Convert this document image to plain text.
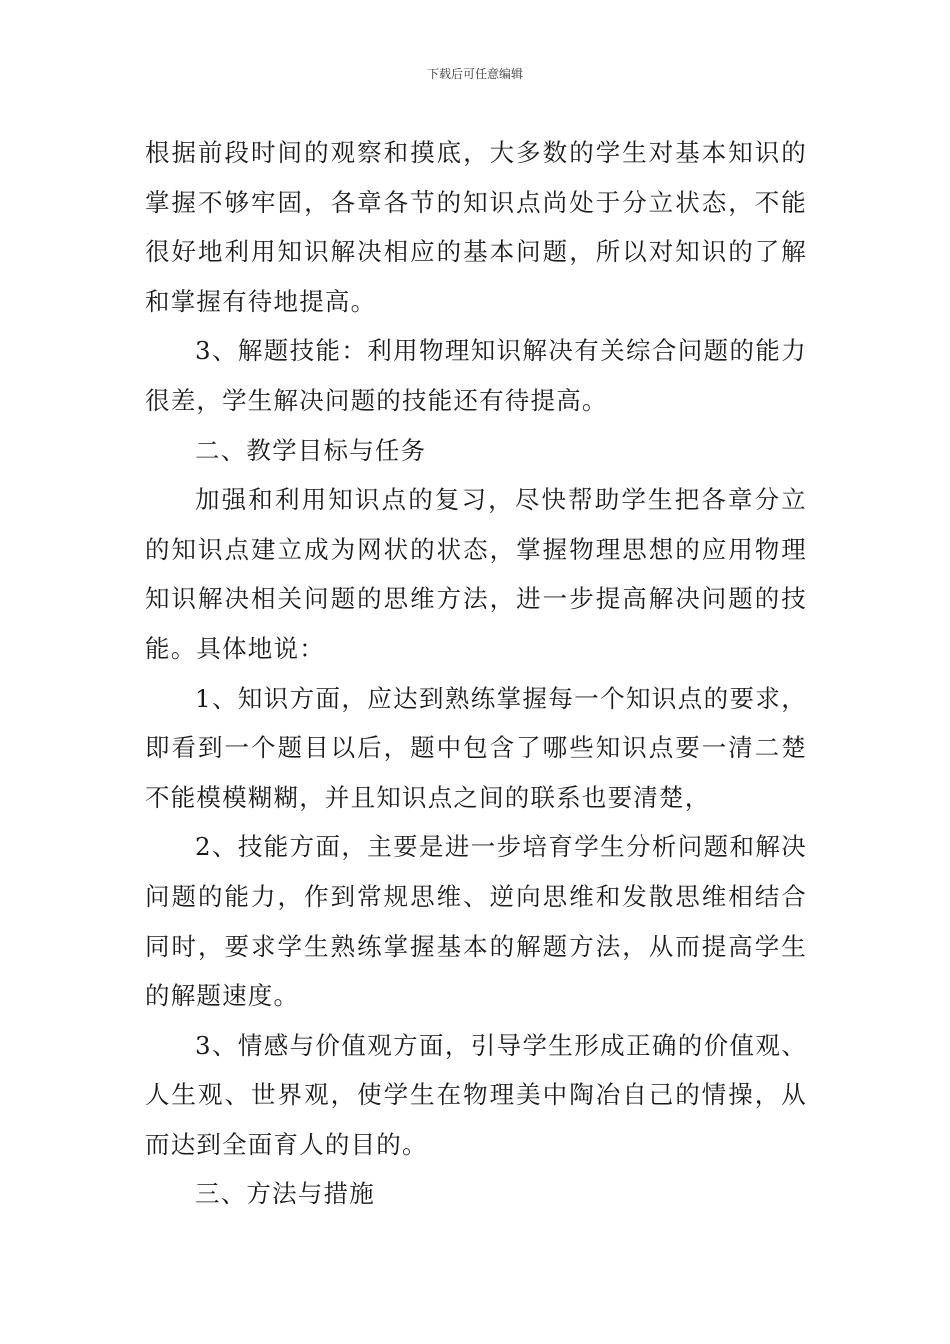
下载后可任意编辑

根据前段时间的观察和摸底，大多数的学生对基本知识的掌握不够牢固，各章各节的知识点尚处于分立状态，不能很好地利用知识解决相应的基本问题，所以对知识的了解和掌握有待地提高。

3、解题技能：利用物理知识解决有关综合问题的能力很差，学生解决问题的技能还有待提高。

二、教学目标与任务

加强和利用知识点的复习，尽快帮助学生把各章分立的知识点建立成为网状的状态，掌握物理思想的应用物理知识解决相关问题的思维方法，进一步提高解决问题的技能。具体地说：

1、知识方面，应达到熟练掌握每一个知识点的要求，即看到一个题目以后，题中包含了哪些知识点要一清二楚不能模模糊糊，并且知识点之间的联系也要清楚，

2、技能方面，主要是进一步培育学生分析问题和解决问题的能力，作到常规思维、逆向思维和发散思维相结合同时，要求学生熟练掌握基本的解题方法，从而提高学生的解题速度。

3、情感与价值观方面，引导学生形成正确的价值观、人生观、世界观，使学生在物理美中陶冶自己的情操，从而达到全面育人的目的。

三、方法与措施
